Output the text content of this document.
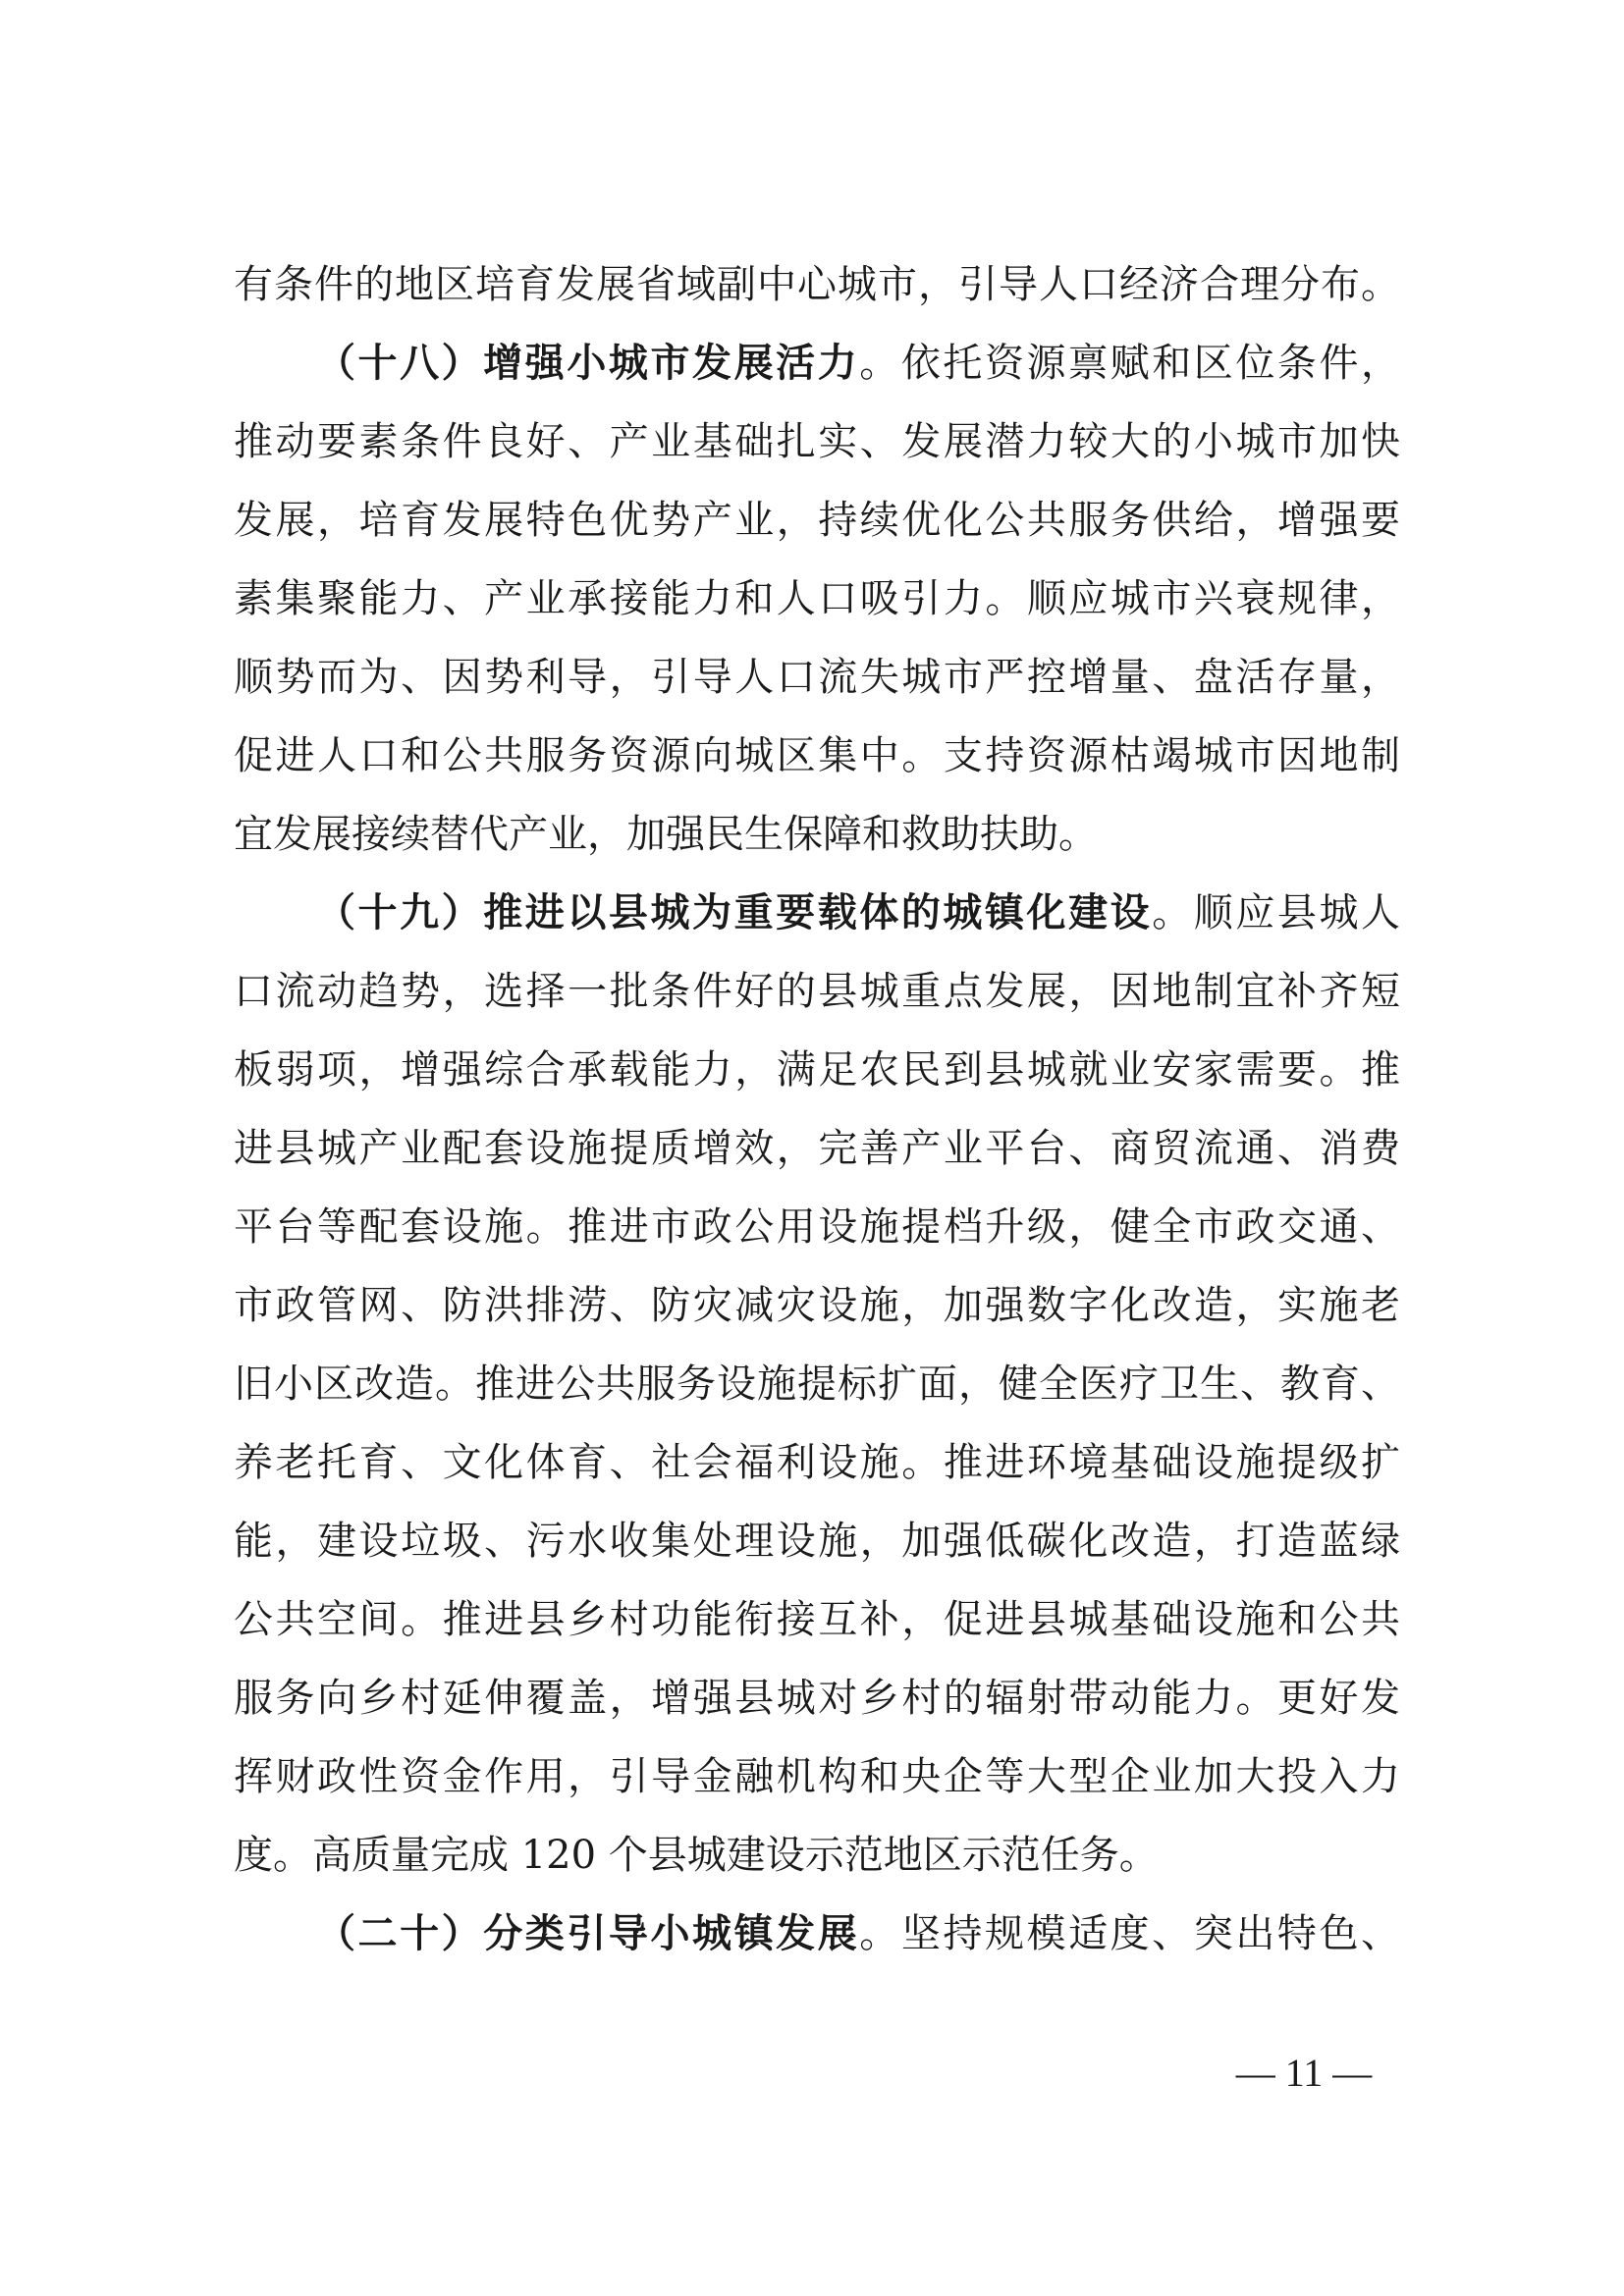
有条件的地区培育发展省域副中心城市，引导人口经济合理分布。
（十八）增强小城市发展活力。依托资源禀赋和区位条件，
推动要素条件良好、产业基础扎实、发展潜力较大的小城市加快
发展，培育发展特色优势产业，持续优化公共服务供给，增强要
素集聚能力、产业承接能力和人口吸引力。顺应城市兴衰规律，
顺势而为、因势利导，引导人口流失城市严控增量、盘活存量，
促进人口和公共服务资源向城区集中。支持资源枯竭城市因地制
宜发展接续替代产业，加强民生保障和救助扶助。
（十九）推进以县城为重要载体的城镇化建设。顺应县城人
口流动趋势，选择一批条件好的县城重点发展，因地制宜补齐短
板弱项，增强综合承载能力，满足农民到县城就业安家需要。推
进县城产业配套设施提质增效，完善产业平台、商贸流通、消费
平台等配套设施。推进市政公用设施提档升级，健全市政交通、
市政管网、防洪排涝、防灾减灾设施，加强数字化改造，实施老
旧小区改造。推进公共服务设施提标扩面，健全医疗卫生、教育、
养老托育、文化体育、社会福利设施。推进环境基础设施提级扩
能，建设垃圾、污水收集处理设施，加强低碳化改造，打造蓝绿
公共空间。推进县乡村功能衔接互补，促进县城基础设施和公共
服务向乡村延伸覆盖，增强县城对乡村的辐射带动能力。更好发
挥财政性资金作用，引导金融机构和央企等大型企业加大投入力
度。高质量完成 120 个县城建设示范地区示范任务。
（二十）分类引导小城镇发展。坚持规模适度、突出特色、
— 11 —
